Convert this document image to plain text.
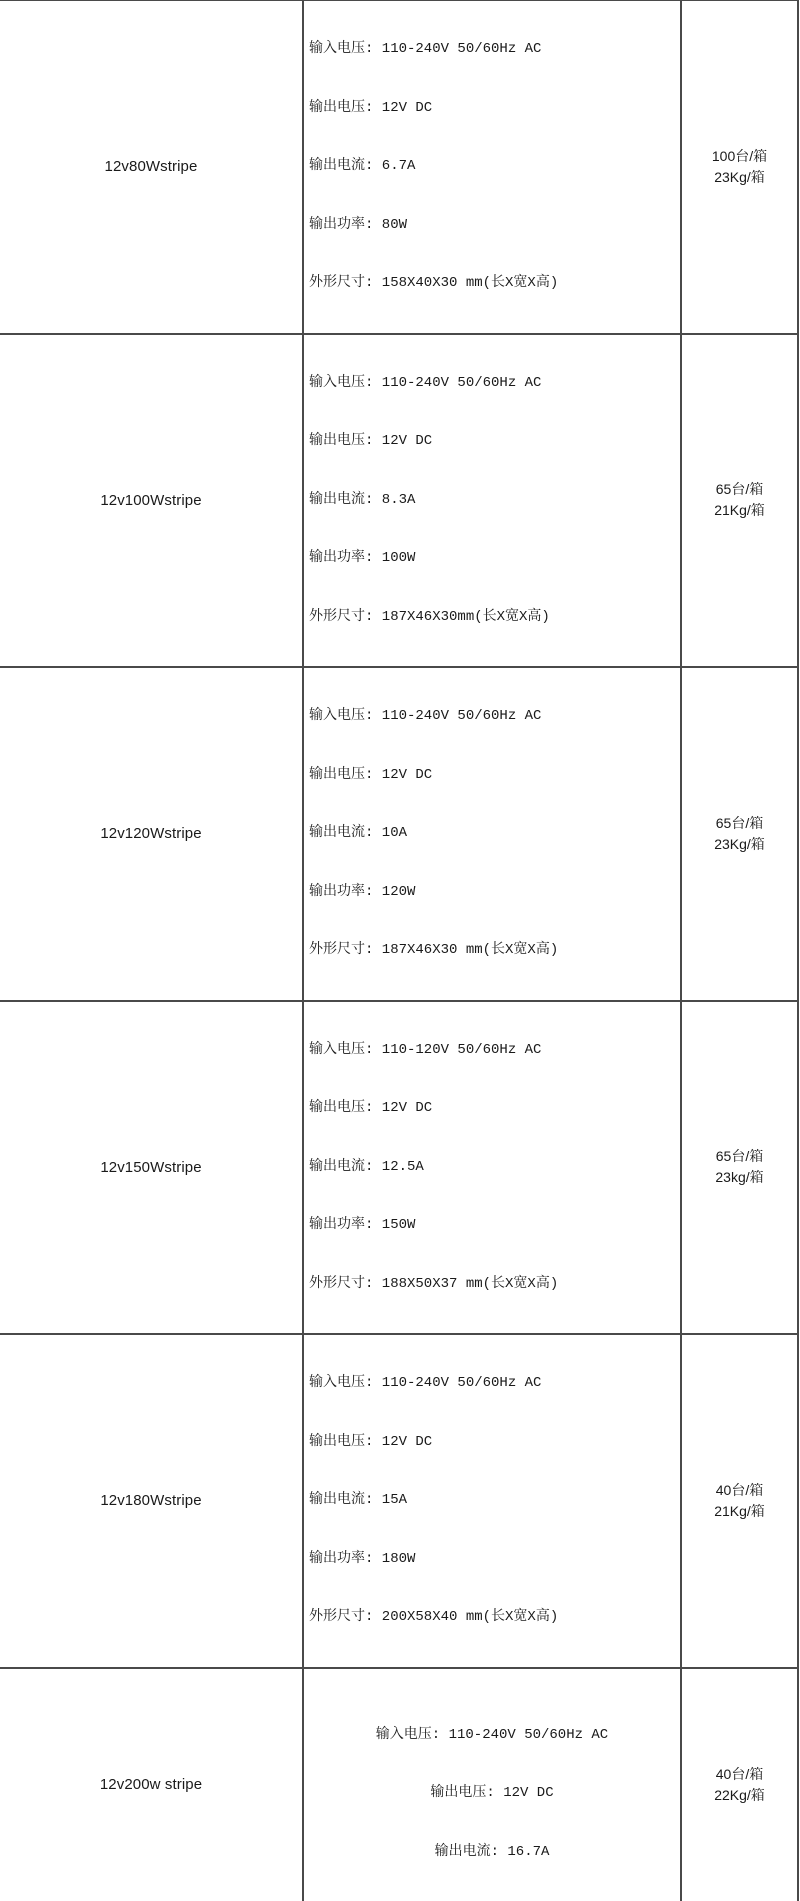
12v80Wstripe	输入电压: 110-240V 50/60Hz AC

输出电压: 12V DC

输出电流: 6.7A

输出功率: 80W

外形尺寸: 158X40X30 mm(长X宽X高)	100台/箱
23Kg/箱

12v100Wstripe	输入电压: 110-240V 50/60Hz AC

输出电压: 12V DC

输出电流: 8.3A

输出功率: 100W

外形尺寸: 187X46X30mm(长X宽X高)	65台/箱
21Kg/箱

12v120Wstripe	输入电压: 110-240V 50/60Hz AC

输出电压: 12V DC

输出电流: 10A

输出功率: 120W

外形尺寸: 187X46X30 mm(长X宽X高)	65台/箱
23Kg/箱

12v150Wstripe	输入电压: 110-120V 50/60Hz AC

输出电压: 12V DC

输出电流: 12.5A

输出功率: 150W

外形尺寸: 188X50X37 mm(长X宽X高)	65台/箱
23kg/箱

12v180Wstripe	输入电压: 110-240V 50/60Hz AC

输出电压: 12V DC

输出电流: 15A

输出功率: 180W

外形尺寸: 200X58X40 mm(长X宽X高)	40台/箱
21Kg/箱

12v200w stripe	输入电压: 110-240V 50/60Hz AC

输出电压: 12V DC

输出电流: 16.7A	40台/箱
22Kg/箱
